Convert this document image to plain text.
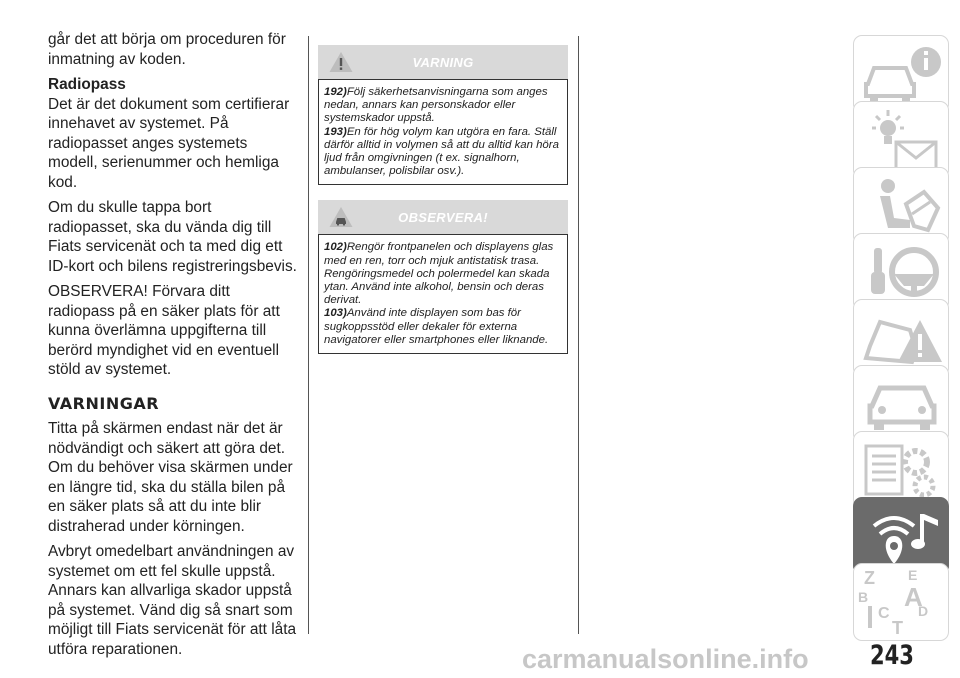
går det att börja om proceduren för inmatning av koden.

Radiopass

Det är det dokument som certifierar innehavet av systemet. På radiopasset anges systemets modell, serienummer och hemliga kod.

Om du skulle tappa bort radiopasset, ska du vända dig till Fiats servicenät och ta med dig ett ID-kort och bilens registreringsbevis.

OBSERVERA! Förvara ditt radiopass på en säker plats för att kunna överlämna uppgifterna till berörd myndighet vid en eventuell stöld av systemet.

VARNINGAR

Titta på skärmen endast när det är nödvändigt och säkert att göra det. Om du behöver visa skärmen under en längre tid, ska du ställa bilen på en säker plats så att du inte blir distraherad under körningen.

Avbryt omedelbart användningen av systemet om ett fel skulle uppstå. Annars kan allvarliga skador uppstå på systemet. Vänd dig så snart som möjligt till Fiats servicenät för att låta utföra reparationen.

VARNING
192)Följ säkerhetsanvisningarna som anges nedan, annars kan personskador eller systemskador uppstå.
193)En för hög volym kan utgöra en fara. Ställ därför alltid in volymen så att du alltid kan höra ljud från omgivningen (t ex. signalhorn, ambulanser, polisbilar osv.).
OBSERVERA!
102)Rengör frontpanelen och displayens glas med en ren, torr och mjuk antistatisk trasa. Rengöringsmedel och polermedel kan skada ytan. Använd inte alkohol, bensin och deras derivat.
103)Använd inte displayen som bas för sugkoppsstöd eller dekaler för externa navigatorer eller smartphones eller liknande.
Z E
B A
C D
T
carmanualsonline.info 243
